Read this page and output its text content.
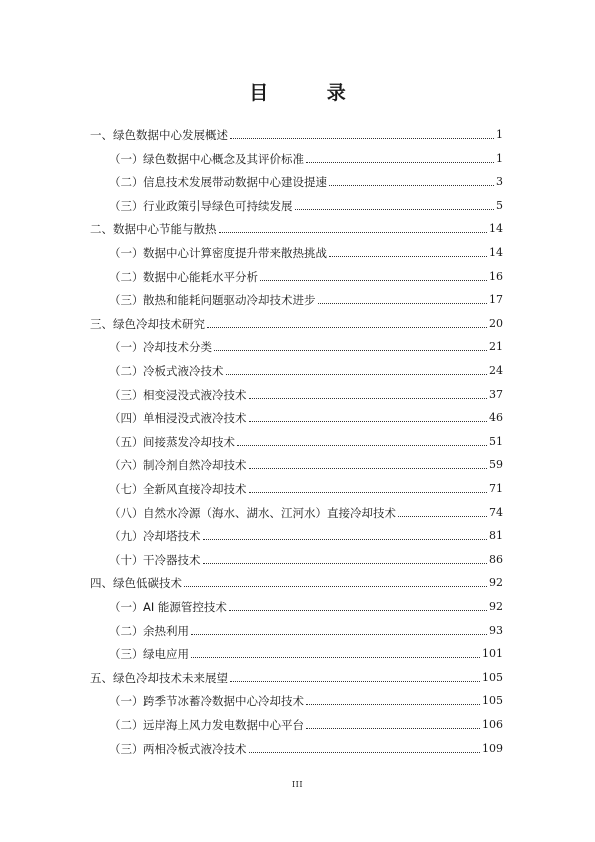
目 录
一、绿色数据中心发展概述	1
（一） 绿色数据中心概念及其评价标准	1
（二） 信息技术发展带动数据中心建设提速	3
（三） 行业政策引导绿色可持续发展	5
二、数据中心节能与散热	14
（一） 数据中心计算密度提升带来散热挑战	14
（二） 数据中心能耗水平分析	16
（三） 散热和能耗问题驱动冷却技术进步	17
三、绿色冷却技术研究	20
（一） 冷却技术分类	21
（二） 冷板式液冷技术	24
（三） 相变浸没式液冷技术	37
（四） 单相浸没式液冷技术	46
（五） 间接蒸发冷却技术	51
（六） 制冷剂自然冷却技术	59
（七） 全新风直接冷却技术	71
（八） 自然水冷源（海水、湖水、江河水）直接冷却技术	74
（九） 冷却塔技术	81
（十） 干冷器技术	86
四、绿色低碳技术	92
（一） AI 能源管控技术	92
（二） 余热利用	93
（三） 绿电应用	101
五、绿色冷却技术未来展望	105
（一） 跨季节冰蓄冷数据中心冷却技术	105
（二） 远岸海上风力发电数据中心平台	106
（三） 两相冷板式液冷技术	109
III
